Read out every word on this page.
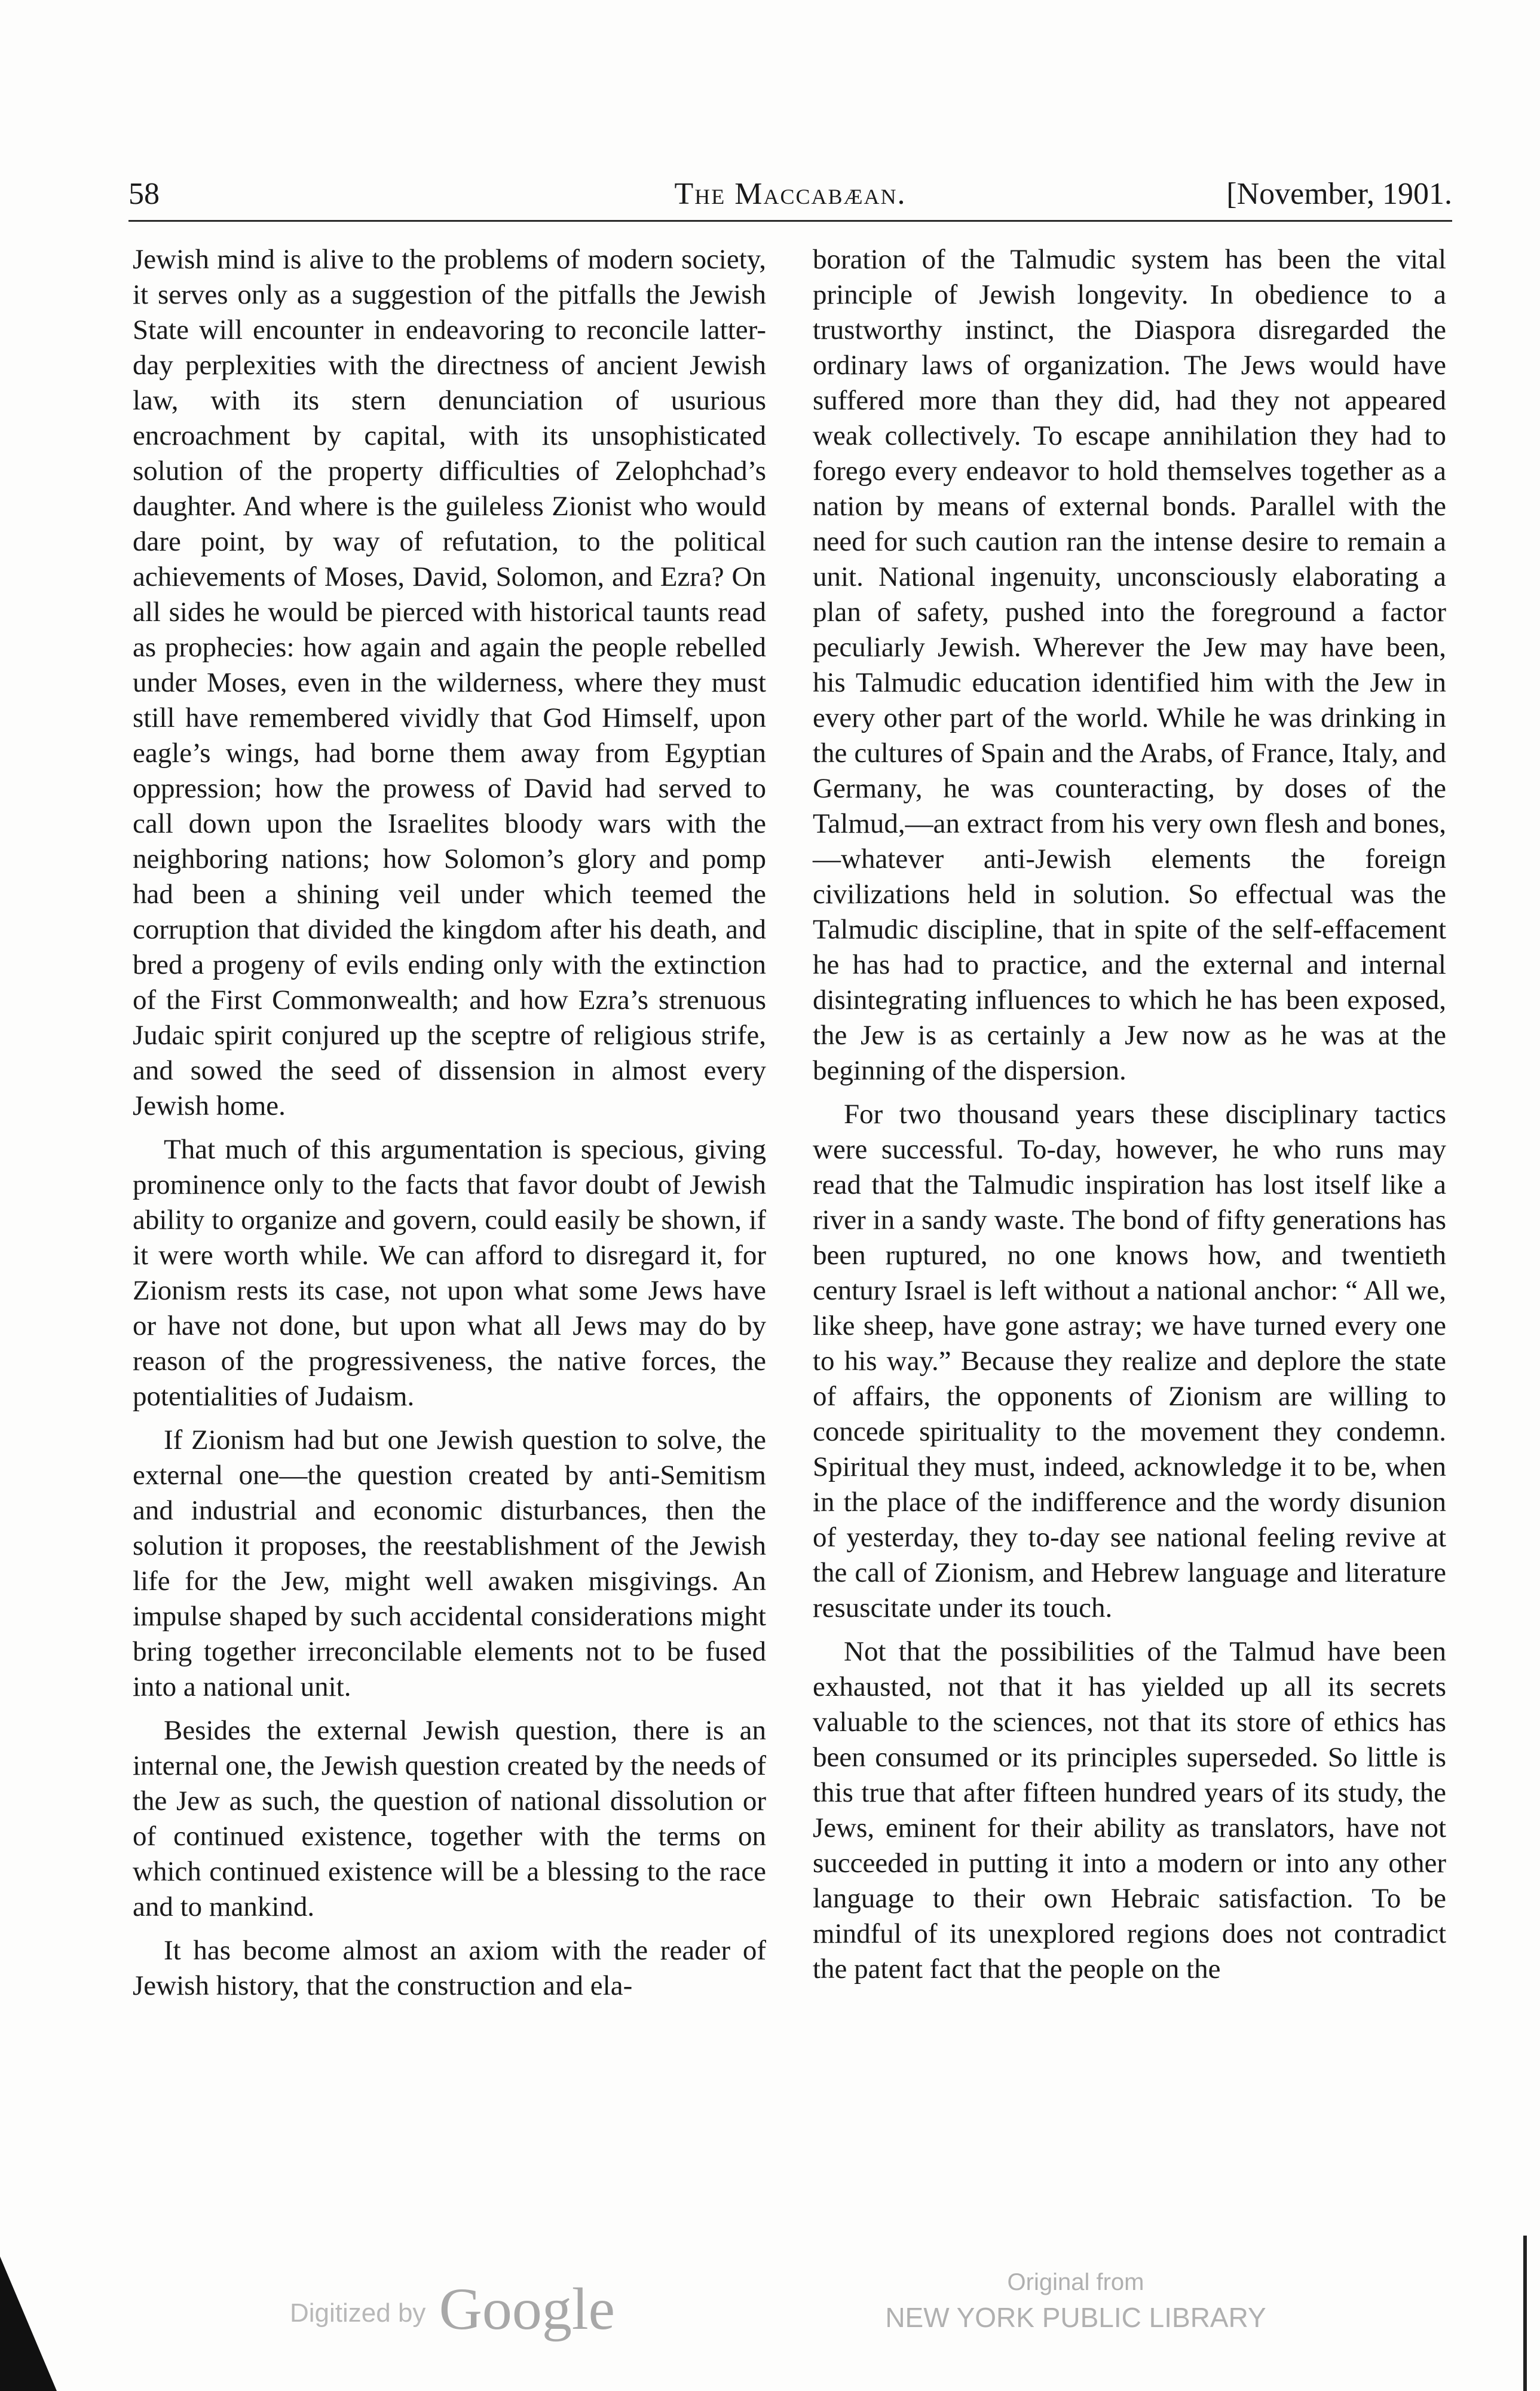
58	The Maccabæan.	[November, 1901.

Jewish mind is alive to the problems of modern society, it serves only as a suggestion of the pitfalls the Jewish State will encounter in endeavoring to reconcile latter-day perplexities with the directness of ancient Jewish law, with its stern denunciation of usurious encroachment by capital, with its unsophisticated solution of the property difficulties of Zelophchad’s daughter. And where is the guileless Zionist who would dare point, by way of refutation, to the political achievements of Moses, David, Solomon, and Ezra? On all sides he would be pierced with historical taunts read as prophecies: how again and again the people rebelled under Moses, even in the wilderness, where they must still have remembered vividly that God Himself, upon eagle’s wings, had borne them away from Egyptian oppression; how the prowess of David had served to call down upon the Israelites bloody wars with the neighboring nations; how Solomon’s glory and pomp had been a shining veil under which teemed the corruption that divided the kingdom after his death, and bred a progeny of evils ending only with the extinction of the First Commonwealth; and how Ezra’s strenuous Judaic spirit conjured up the sceptre of religious strife, and sowed the seed of dissension in almost every Jewish home.

That much of this argumentation is specious, giving prominence only to the facts that favor doubt of Jewish ability to organize and govern, could easily be shown, if it were worth while. We can afford to disregard it, for Zionism rests its case, not upon what some Jews have or have not done, but upon what all Jews may do by reason of the progressiveness, the native forces, the potentialities of Judaism.

If Zionism had but one Jewish question to solve, the external one—the question created by anti-Semitism and industrial and economic disturbances, then the solution it proposes, the reestablishment of the Jewish life for the Jew, might well awaken misgivings. An impulse shaped by such accidental considerations might bring together irreconcilable elements not to be fused into a national unit.

Besides the external Jewish question, there is an internal one, the Jewish question created by the needs of the Jew as such, the question of national dissolution or of continued existence, together with the terms on which continued existence will be a blessing to the race and to mankind.

It has become almost an axiom with the reader of Jewish history, that the construction and ela-

boration of the Talmudic system has been the vital principle of Jewish longevity. In obedience to a trustworthy instinct, the Diaspora disregarded the ordinary laws of organization. The Jews would have suffered more than they did, had they not appeared weak collectively. To escape annihilation they had to forego every endeavor to hold themselves together as a nation by means of external bonds. Parallel with the need for such caution ran the intense desire to remain a unit. National ingenuity, unconsciously elaborating a plan of safety, pushed into the foreground a factor peculiarly Jewish. Wherever the Jew may have been, his Talmudic education identified him with the Jew in every other part of the world. While he was drinking in the cultures of Spain and the Arabs, of France, Italy, and Germany, he was counteracting, by doses of the Talmud,—an extract from his very own flesh and bones,—whatever anti-Jewish elements the foreign civilizations held in solution. So effectual was the Talmudic discipline, that in spite of the self-effacement he has had to practice, and the external and internal disintegrating influences to which he has been exposed, the Jew is as certainly a Jew now as he was at the beginning of the dispersion.

For two thousand years these disciplinary tactics were successful. To-day, however, he who runs may read that the Talmudic inspiration has lost itself like a river in a sandy waste. The bond of fifty generations has been ruptured, no one knows how, and twentieth century Israel is left without a national anchor: “ All we, like sheep, have gone astray; we have turned every one to his way.” Because they realize and deplore the state of affairs, the opponents of Zionism are willing to concede spirituality to the movement they condemn. Spiritual they must, indeed, acknowledge it to be, when in the place of the indifference and the wordy disunion of yesterday, they to-day see national feeling revive at the call of Zionism, and Hebrew language and literature resuscitate under its touch.

Not that the possibilities of the Talmud have been exhausted, not that it has yielded up all its secrets valuable to the sciences, not that its store of ethics has been consumed or its principles superseded. So little is this true that after fifteen hundred years of its study, the Jews, eminent for their ability as translators, have not succeeded in putting it into a modern or into any other language to their own Hebraic satisfaction. To be mindful of its unexplored regions does not contradict the patent fact that the people on the

Digitized by Google	Original from
NEW YORK PUBLIC LIBRARY
